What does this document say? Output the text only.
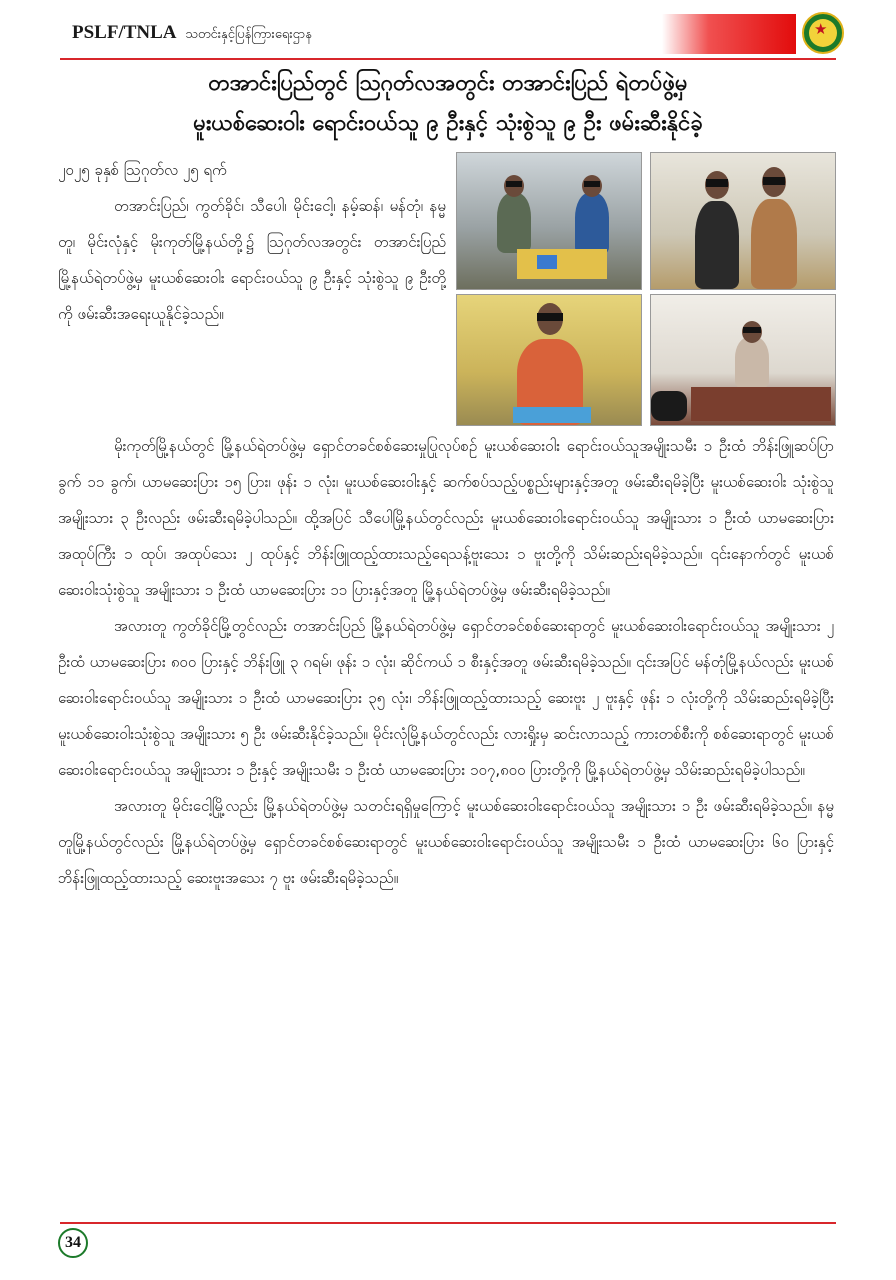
PSLF/TNLA သတင်းနှင့်ပြန်ကြားရေးဌာန	★
တအာင်းပြည်တွင် ဩဂုတ်လအတွင်း တအာင်းပြည် ရဲတပ်ဖွဲ့မှ
မူးယစ်ဆေးဝါး ရောင်းဝယ်သူ ၉ ဦးနှင့် သုံးစွဲသူ ၉ ဦး ဖမ်းဆီးနိုင်ခဲ့
၂၀၂၅ ခုနှစ် ဩဂုတ်လ ၂၅ ရက်
တအာင်းပြည်၊ ကွတ်ခိုင်၊ သီပေါ၊ မိုင်းငေါ့၊ နမ့်ဆန်၊ မန်တုံ၊ နမ္မတူ၊ မိုင်းလုံနှင့် မိုးကုတ်မြို့နယ်တို့၌ ဩဂုတ်လအတွင်း တအာင်းပြည် မြို့နယ်ရဲတပ်ဖွဲ့မှ မူးယစ်ဆေးဝါး ရောင်းဝယ်သူ ၉ ဦးနှင့် သုံးစွဲသူ ၉ ဦးတို့ကို ဖမ်းဆီးအရေးယူနိုင်ခဲ့သည်။

မိုးကုတ်မြို့နယ်တွင် မြို့နယ်ရဲတပ်ဖွဲ့မှ ရှောင်တခင်စစ်ဆေးမှုပြုလုပ်စဉ် မူးယစ်ဆေးဝါး ရောင်းဝယ်သူအမျိုးသမီး ၁ ဦးထံ ဘိန်းဖြူဆပ်ပြာခွက် ၁၁ ခွက်၊ ယာမဆေးပြား ၁၅ ပြား၊ ဖုန်း ၁ လုံး၊ မူးယစ်ဆေးဝါးနှင့် ဆက်စပ်သည့်ပစ္စည်းများနှင့်အတူ ဖမ်းဆီးရမိခဲ့ပြီး မူးယစ်ဆေးဝါး သုံးစွဲသူ အမျိုးသား ၃ ဦးလည်း ဖမ်းဆီးရမိခဲ့ပါသည်။ ထို့အပြင် သီပေါမြို့နယ်တွင်လည်း မူးယစ်ဆေးဝါးရောင်းဝယ်သူ အမျိုးသား ၁ ဦးထံ ယာမဆေးပြားအထုပ်ကြီး ၁ ထုပ်၊ အထုပ်သေး ၂ ထုပ်နှင့် ဘိန်းဖြူထည့်ထားသည့်ရေသန့်ဗူးသေး ၁ ဗူးတို့ကို သိမ်းဆည်းရမိခဲ့သည်။ ၎င်းနောက်တွင် မူးယစ်ဆေးဝါးသုံးစွဲသူ အမျိုးသား ၁ ဦးထံ ယာမဆေးပြား ၁၁ ပြားနှင့်အတူ မြို့နယ်ရဲတပ်ဖွဲ့မှ ဖမ်းဆီးရမိခဲ့သည်။

အလားတူ ကွတ်ခိုင်မြို့တွင်လည်း တအာင်းပြည် မြို့နယ်ရဲတပ်ဖွဲ့မှ ရှောင်တခင်စစ်ဆေးရာတွင် မူးယစ်ဆေးဝါးရောင်းဝယ်သူ အမျိုးသား ၂ ဦးထံ ယာမဆေးပြား ၈၀၀ ပြားနှင့် ဘိန်းဖြူ ၃ ဂရမ်၊ ဖုန်း ၁ လုံး၊ ဆိုင်ကယ် ၁ စီးနှင့်အတူ ဖမ်းဆီးရမိခဲ့သည်။ ၎င်းအပြင် မန်တုံမြို့နယ်လည်း မူးယစ်ဆေးဝါးရောင်းဝယ်သူ အမျိုးသား ၁ ဦးထံ ယာမဆေးပြား ၃၅ လုံး၊ ဘိန်းဖြူထည့်ထားသည့် ဆေးဗူး ၂ ဗူးနှင့် ဖုန်း ၁ လုံးတို့ကို သိမ်းဆည်းရမိခဲ့ပြီး မူးယစ်ဆေးဝါးသုံးစွဲသူ အမျိုးသား ၅ ဦး ဖမ်းဆီးနိုင်ခဲ့သည်။ မိုင်းလုံမြို့နယ်တွင်လည်း လားရှိုးမှ ဆင်းလာသည့် ကားတစ်စီးကို စစ်ဆေးရာတွင် မူးယစ်ဆေးဝါးရောင်းဝယ်သူ အမျိုးသား ၁ ဦးနှင့် အမျိုးသမီး ၁ ဦးထံ ယာမဆေးပြား ၁၀၇,၈၀၀ ပြားတို့ကို မြို့နယ်ရဲတပ်ဖွဲ့မှ သိမ်းဆည်းရမိခဲ့ပါသည်။

အလားတူ မိုင်းငေါ့မြို့လည်း မြို့နယ်ရဲတပ်ဖွဲ့မှ သတင်းရရှိမှုကြောင့် မူးယစ်ဆေးဝါးရောင်းဝယ်သူ အမျိုးသား ၁ ဦး ဖမ်းဆီးရမိခဲ့သည်။ နမ္မတူမြို့နယ်တွင်လည်း မြို့နယ်ရဲတပ်ဖွဲ့မှ ရှောင်တခင်စစ်ဆေးရာတွင် မူးယစ်ဆေးဝါးရောင်းဝယ်သူ အမျိုးသမီး ၁ ဦးထံ ယာမဆေးပြား ၆၀ ပြားနှင့် ဘိန်းဖြူထည့်ထားသည့် ဆေးဗူးအသေး ၇ ဗူး ဖမ်းဆီးရမိခဲ့သည်။

34
